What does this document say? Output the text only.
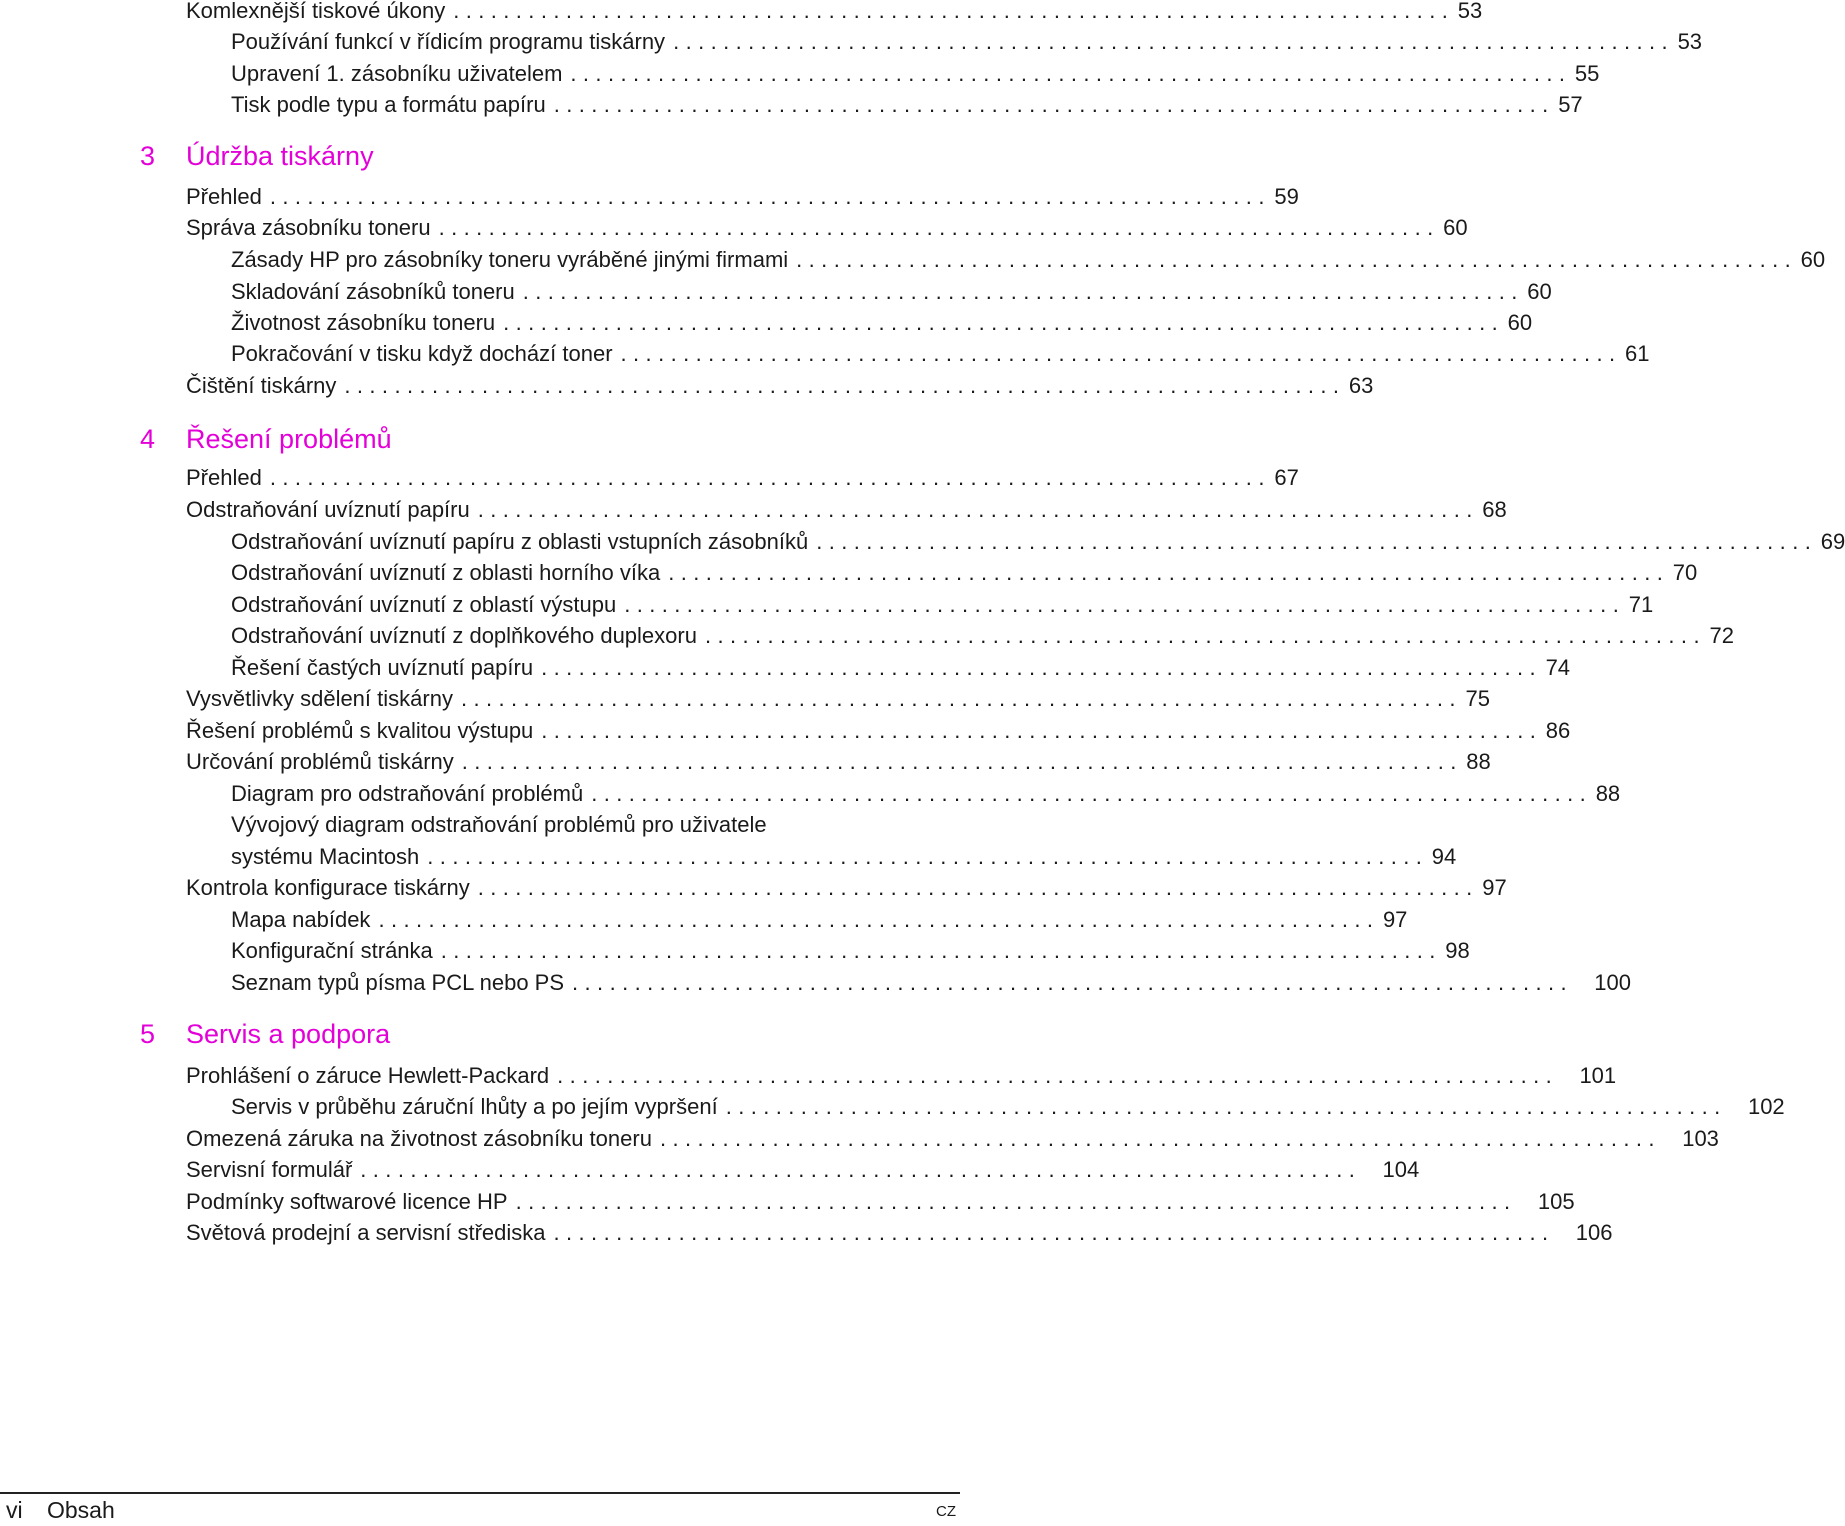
Komlexnější tiskové úkony ................................................................................ 53
Používání funkcí v řídicím programu tiskárny ................................................................................ 53
Upravení 1. zásobníku uživatelem ................................................................................ 55
Tisk podle typu a formátu papíru ................................................................................ 57
3 Údržba tiskárny
Přehled ................................................................................ 59
Správa zásobníku toneru ................................................................................ 60
Zásady HP pro zásobníky toneru vyráběné jinými firmami ................................................................................ 60
Skladování zásobníků toneru ................................................................................ 60
Životnost zásobníku toneru ................................................................................ 60
Pokračování v tisku když dochází toner ................................................................................ 61
Čištění tiskárny ................................................................................ 63
4 Řešení problémů
Přehled ................................................................................ 67
Odstraňování uvíznutí papíru ................................................................................ 68
Odstraňování uvíznutí papíru z oblasti vstupních zásobníků ................................................................................ 69
Odstraňování uvíznutí z oblasti horního víka ................................................................................ 70
Odstraňování uvíznutí z oblastí výstupu ................................................................................ 71
Odstraňování uvíznutí z doplňkového duplexoru ................................................................................ 72
Řešení častých uvíznutí papíru ................................................................................ 74
Vysvětlivky sdělení tiskárny ................................................................................ 75
Řešení problémů s kvalitou výstupu ................................................................................ 86
Určování problémů tiskárny ................................................................................ 88
Diagram pro odstraňování problémů ................................................................................ 88
Vývojový diagram odstraňování problémů pro uživatele
systému Macintosh ................................................................................ 94
Kontrola konfigurace tiskárny ................................................................................ 97
Mapa nabídek ................................................................................ 97
Konfigurační stránka ................................................................................ 98
Seznam typů písma PCL nebo PS ................................................................................ 100
5 Servis a podpora
Prohlášení o záruce Hewlett-Packard ................................................................................ 101
Servis v průběhu záruční lhůty a po jejím vypršení ................................................................................ 102
Omezená záruka na životnost zásobníku toneru ................................................................................ 103
Servisní formulář ................................................................................ 104
Podmínky softwarové licence HP ................................................................................ 105
Světová prodejní a servisní střediska ................................................................................ 106
vi Obsah	CZ
